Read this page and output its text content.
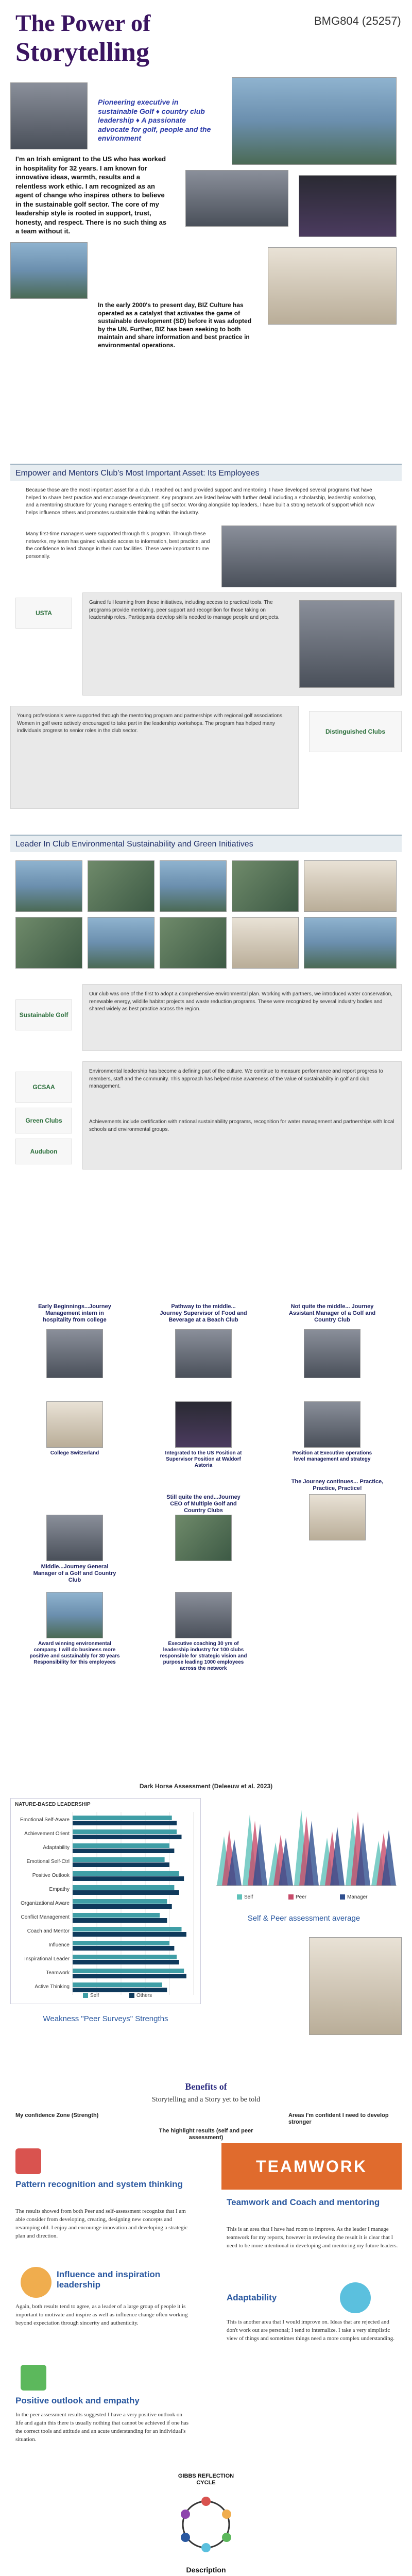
The Power of
Storytelling
BMG804 (25257)
Pioneering executive in sustainable Golf ♦ country club leadership ♦ A passionate advocate for golf, people and the environment
I'm an Irish emigrant to the US who has worked in hospitality for 32 years. I am known for innovative ideas, warmth, results and a relentless work ethic. I am recognized as an agent of change who inspires others to believe in the sustainable golf sector. The core of my leadership style is rooted in support, trust, honesty, and respect. There is no such thing as a team without it.
In the early 2000's to present day, BIZ Culture has operated as a catalyst that activates the game of sustainable development (SD) before it was adopted by the UN. Further, BIZ has been seeking to both maintain and share information and best practice in environmental operations.
Empower and Mentors Club's Most Important Asset: Its Employees
Because those are the most important asset for a club, I reached out and provided support and mentoring. I have developed several programs that have helped to share best practice and encourage development. Key programs are listed below with further detail including a scholarship, leadership workshop, and a mentoring structure for young managers entering the golf sector. Working alongside top leaders, I have built a strong network of support which now helps influence others and promotes sustainable thinking within the industry.
Many first-time managers were supported through this program. Through these networks, my team has gained valuable access to information, best practice, and the confidence to lead change in their own facilities. These were important to me personally.
USTA
Gained full learning from these initiatives, including access to practical tools. The programs provide mentoring, peer support and recognition for those taking on leadership roles. Participants develop skills needed to manage people and projects.
Young professionals were supported through the mentoring program and partnerships with regional golf associations. Women in golf were actively encouraged to take part in the leadership workshops. The program has helped many individuals progress to senior roles in the club sector.	Distinguished Clubs
Leader In Club Environmental Sustainability and Green Initiatives
Our club was one of the first to adopt a comprehensive environmental plan. Working with partners, we introduced water conservation, renewable energy, wildlife habitat projects and waste reduction programs. These were recognized by several industry bodies and shared widely as best practice across the region.
Sustainable Golf
Environmental leadership has become a defining part of the culture. We continue to measure performance and report progress to members, staff and the community. This approach has helped raise awareness of the value of sustainability in golf and club management.
Achievements include certification with national sustainability programs, recognition for water management and partnerships with local schools and environmental groups.
GCSAA
Green Clubs
Audubon
Early Beginnings...Journey Management intern in hospitality from college
Pathway to the middle... Journey Supervisor of Food and Beverage at a Beach Club
Not quite the middle... Journey Assistant Manager of a Golf and Country Club
College Switzerland	Integrated to the US Position at Supervisor Position at Waldorf Astoria
Position at Executive operations level management and strategy
The Journey continues... Practice, Practice, Practice!
Middle...Journey General Manager of a Golf and Country Club
Still quite the end...Journey CEO of Multiple Golf and Country Clubs
Award winning environmental company. I will do business more positive and sustainably for 30 years Responsibility for this employees
Executive coaching 30 yrs of leadership industry for 100 clubs responsible for strategic vision and purpose leading 1000 employees across the network
Dark Horse Assessment (Deleeuw et al. 2023)
NATURE-BASED LEADERSHIP
Emotional Self-Aware
Achievement Orient
Adaptability
Emotional Self-Ctrl
Positive Outlook
Empathy
Organizational Aware
Conflict Management
Coach and Mentor
Influence
Inspirational Leader
Teamwork
Active Thinking
Self	Others
Weakness "Peer Surveys" Strengths
Self	Peer	Manager
Self & Peer assessment average
Benefits of
Storytelling and a Story yet to be told
My confidence Zone (Strength)
The highlight results (self and peer assessment)
Areas I'm confident I need to develop stronger
Pattern recognition and system thinking
The results showed from both Peer and self-assessment recognize that I am able consider from developing, creating, designing new concepts and revamping old. I enjoy and encourage innovation and developing a strategic plan and direction.
Influence and inspiration leadership
Again, both results tend to agree, as a leader of a large group of people it is important to motivate and inspire as well as influence change often working beyond expectation through sincerity and authenticity.
Positive outlook and empathy
In the peer assessment results suggested I have a very positive outlook on life and again this there is usually nothing that cannot be achieved if one has the correct tools and attitude and an acute understanding for an individual's situation.
TEAMWORK
Teamwork and Coach and mentoring
This is an area that I have had room to improve. As the leader I manage teamwork for my reports, however in reviewing the result it is clear that I need to be more intentional in developing and mentoring my future leaders.
Adaptability
This is another area that I would improve on. Ideas that are rejected and don't work out are personal; I tend to internalize. I take a very simplistic view of things and sometimes things need a more complex understanding.
GIBBS REFLECTION CYCLE
Description
